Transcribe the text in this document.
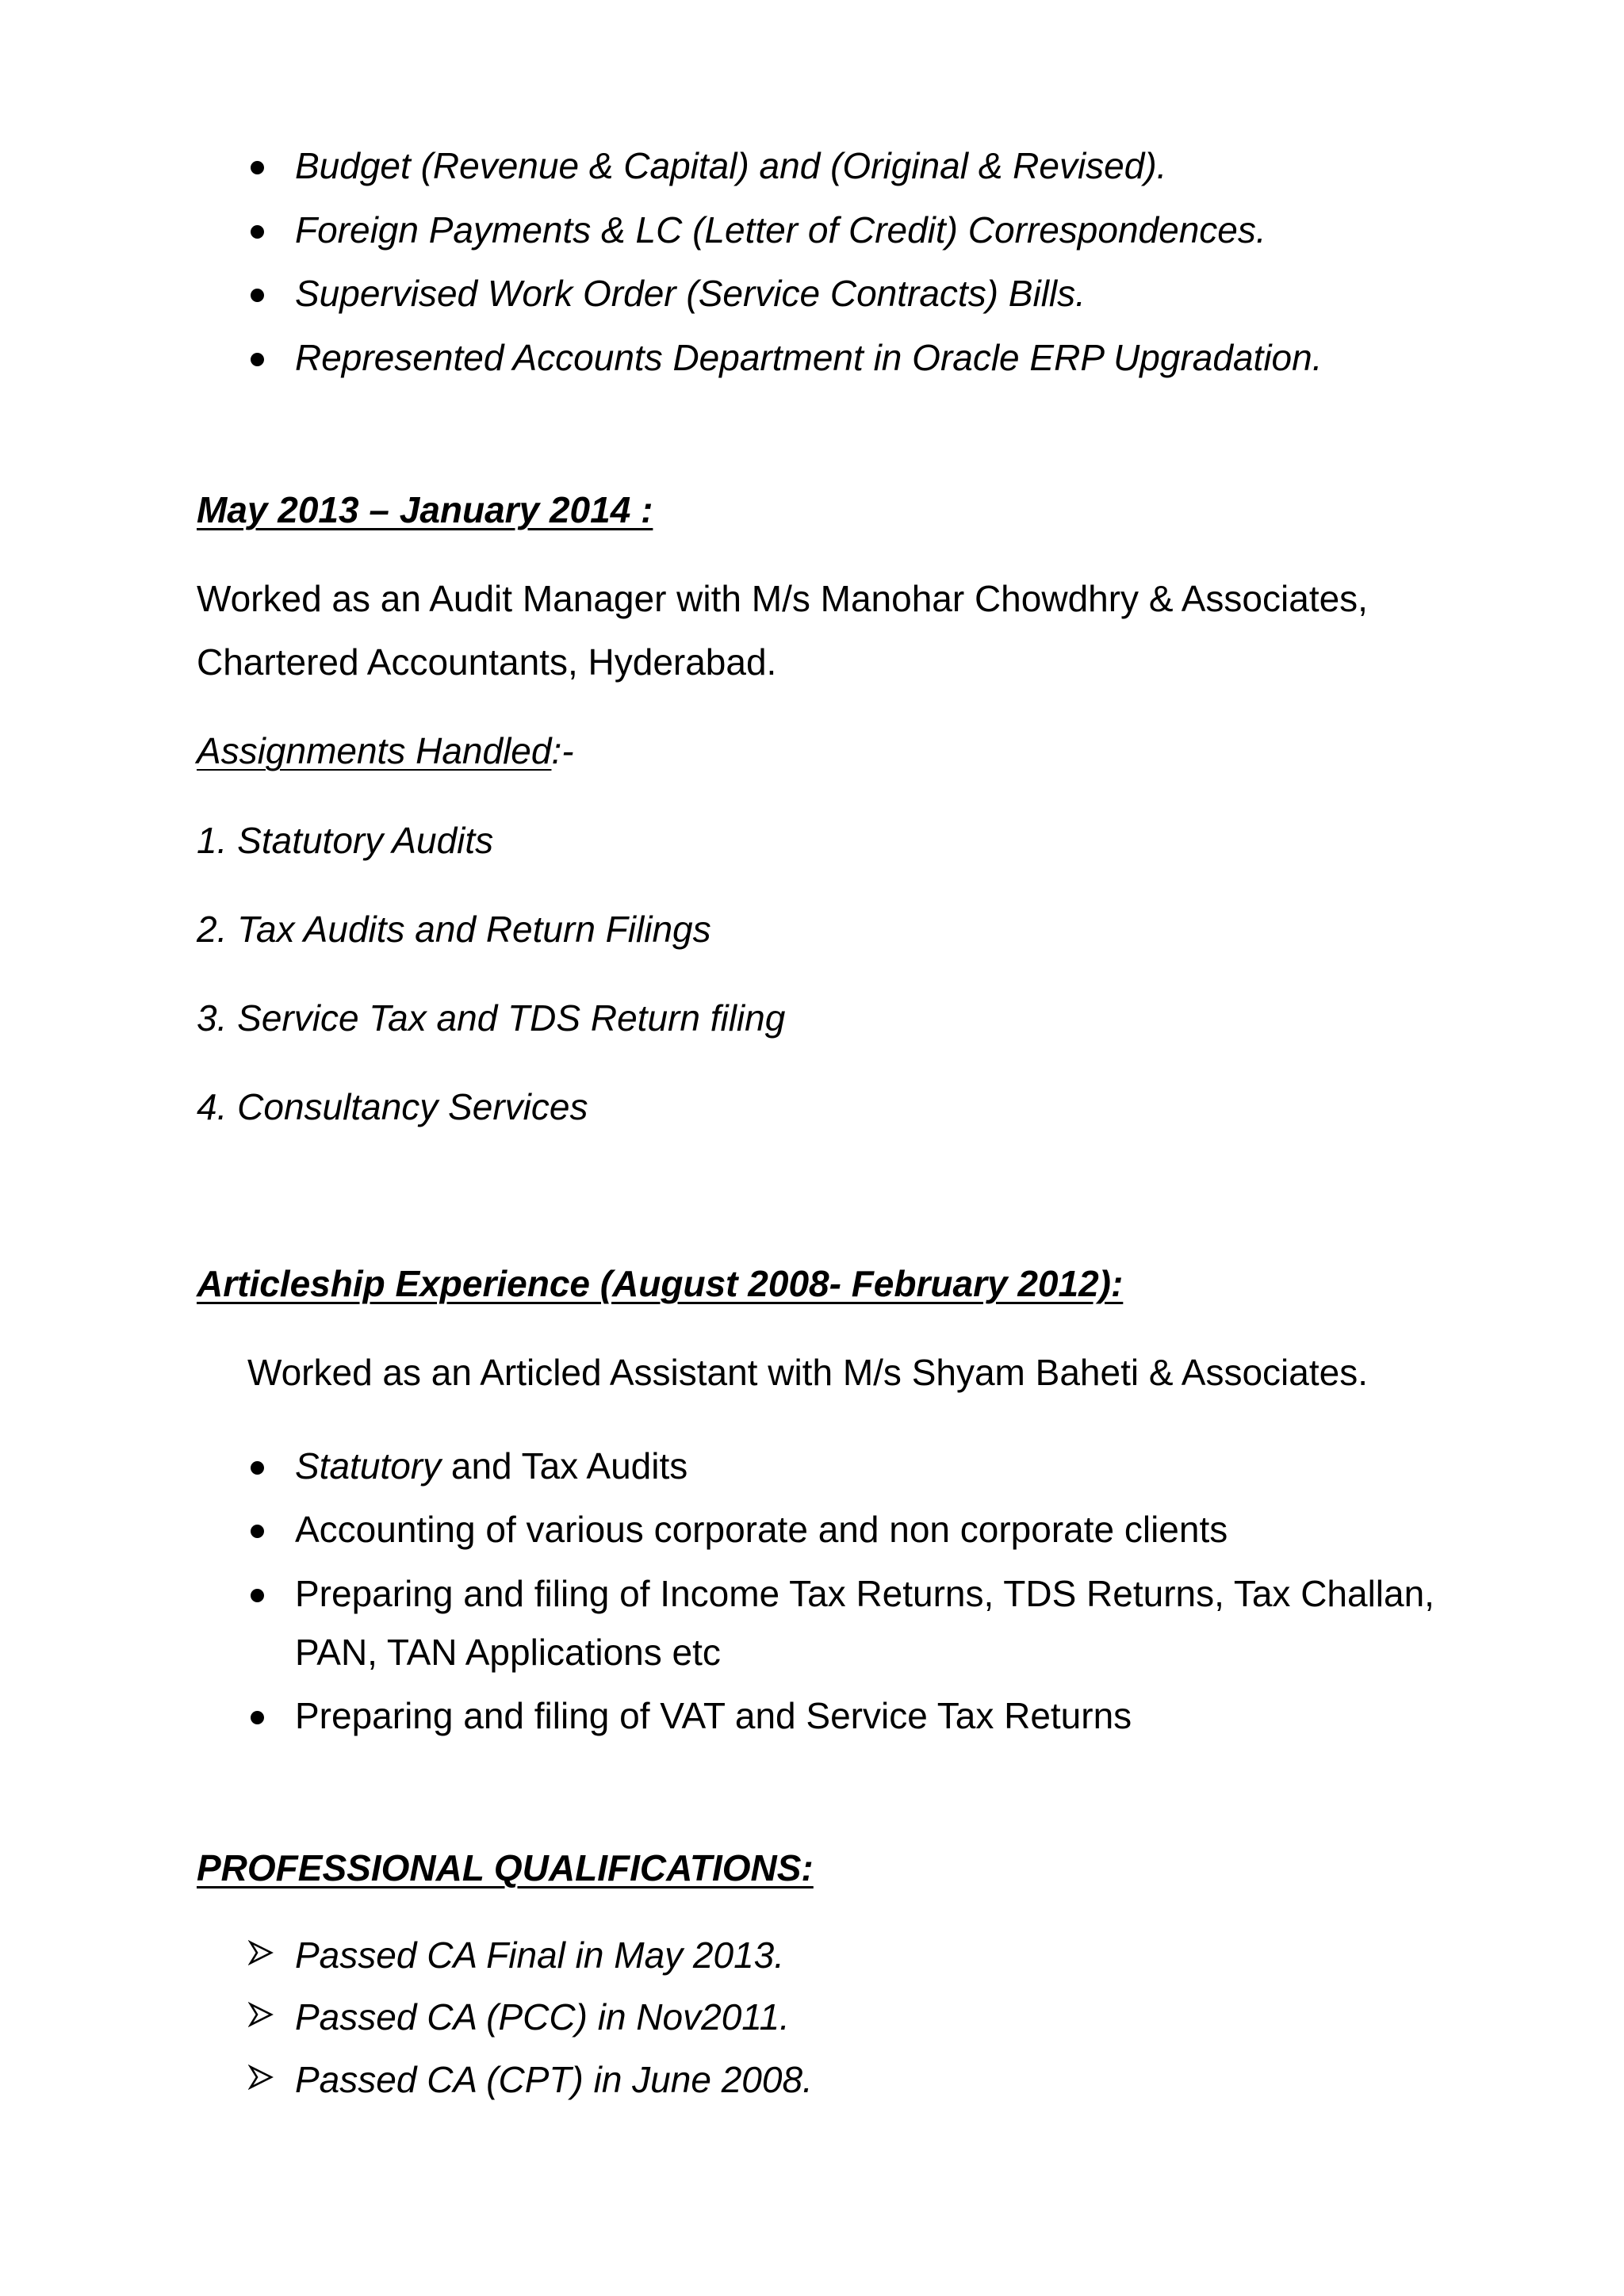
Budget (Revenue & Capital) and (Original & Revised).
Foreign Payments & LC (Letter of Credit) Correspondences.
Supervised Work Order (Service Contracts) Bills.
Represented Accounts Department in Oracle ERP Upgradation.
May 2013 – January 2014 :
Worked as an Audit Manager with M/s Manohar Chowdhry & Associates,
Chartered Accountants, Hyderabad.
Assignments Handled:-
1. Statutory Audits
2. Tax Audits and Return Filings
3. Service Tax and TDS Return filing
4. Consultancy Services
Articleship Experience (August 2008- February 2012):
Worked as an Articled Assistant with M/s Shyam Baheti & Associates.
Statutory and Tax Audits
Accounting of various corporate and non corporate clients
Preparing and filing of Income Tax Returns, TDS Returns, Tax Challan,
PAN, TAN Applications etc
Preparing and filing of VAT and Service Tax Returns
PROFESSIONAL QUALIFICATIONS:
Passed CA Final in May 2013.
Passed CA (PCC) in Nov2011.
Passed CA (CPT) in June 2008.
